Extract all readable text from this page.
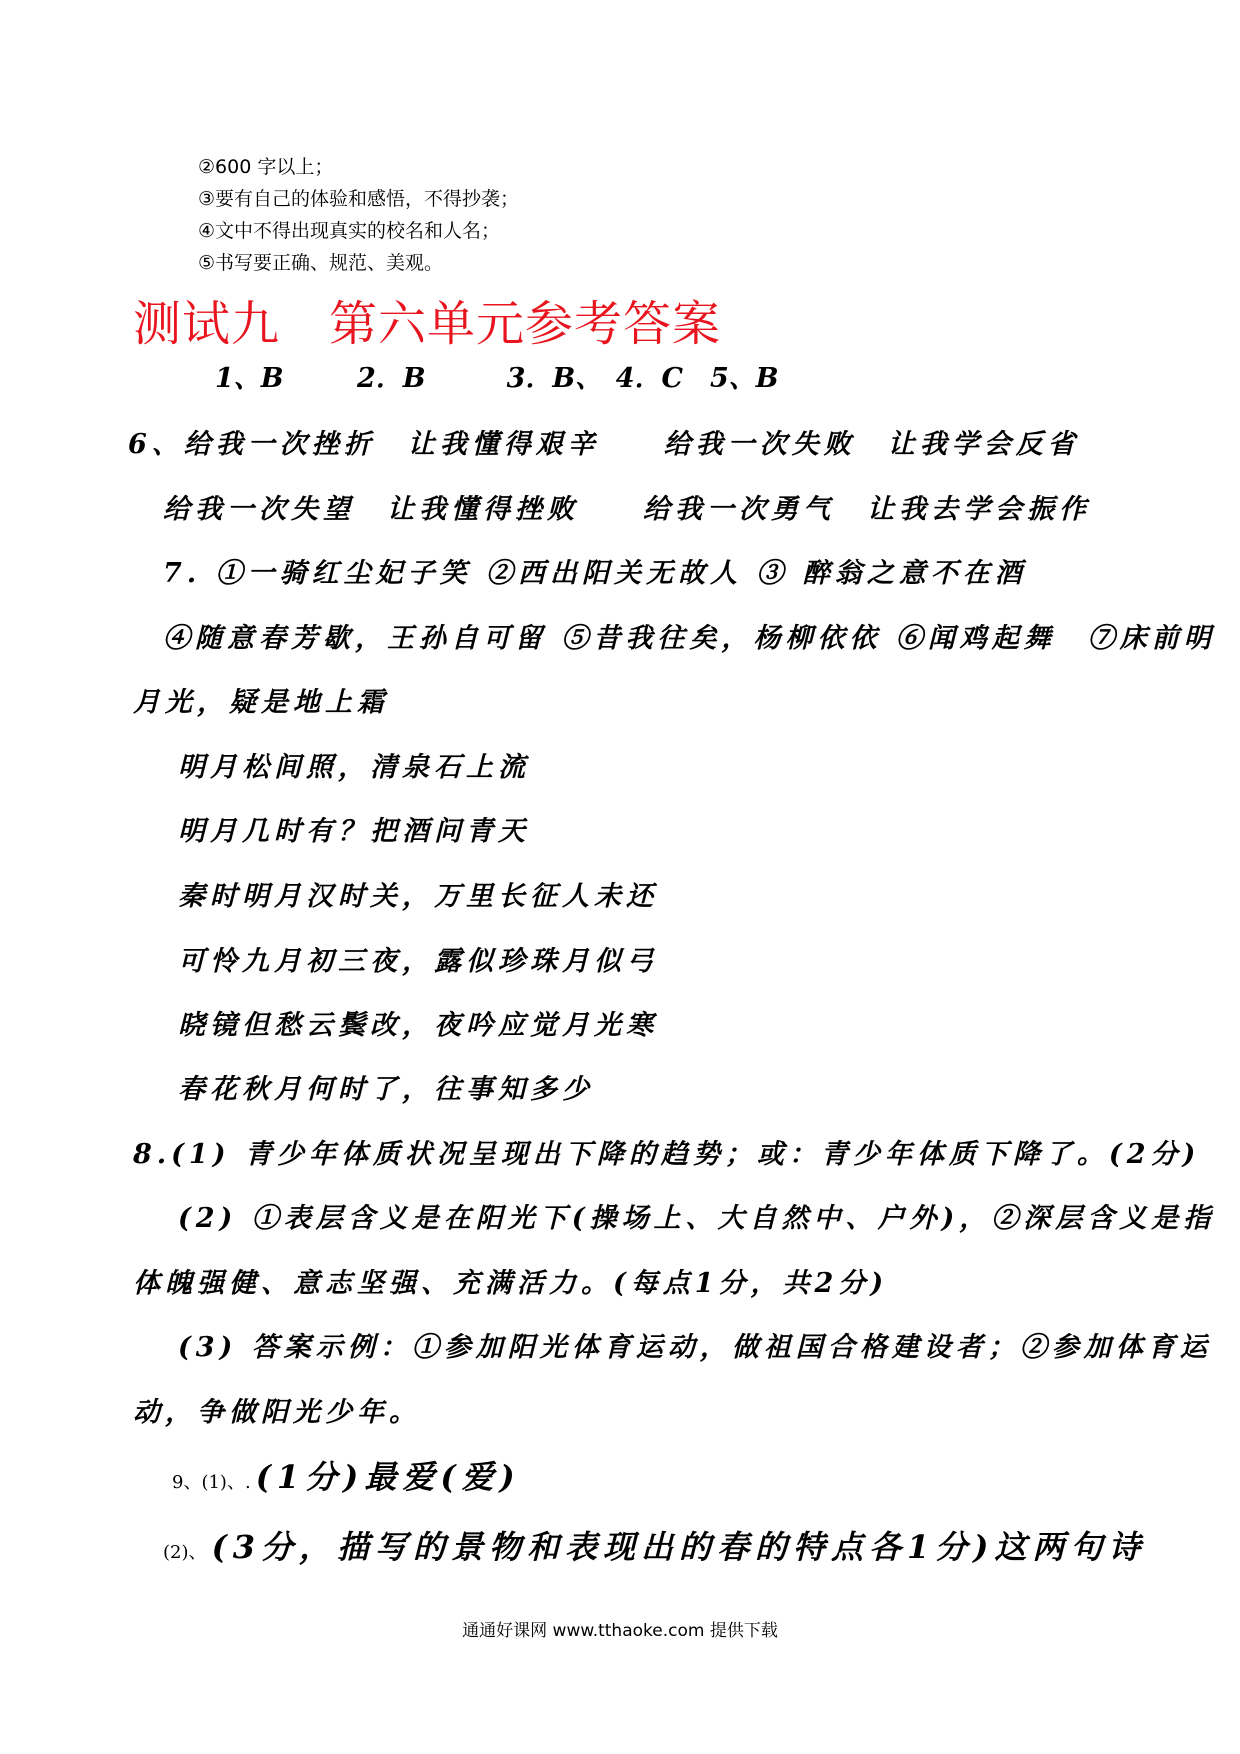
②600 字以上；
③要有自己的体验和感悟，不得抄袭；
④文中不得出现真实的校名和人名；
⑤书写要正确、规范、美观。
测试九　第六单元参考答案
1、B　　 2．B　　　3．B、　4．C　5、B
6、给我一次挫折　让我懂得艰辛　　给我一次失败　让我学会反省
给我一次失望　让我懂得挫败　　给我一次勇气　让我去学会振作
7. ①一骑红尘妃子笑 ②西出阳关无故人 ③ 醉翁之意不在酒
④随意春芳歇，王孙自可留 ⑤昔我往矣，杨柳依依 ⑥闻鸡起舞　⑦床前明
月光，疑是地上霜
明月松间照，清泉石上流
明月几时有？把酒问青天
秦时明月汉时关，万里长征人未还
可怜九月初三夜，露似珍珠月似弓
晓镜但愁云鬓改，夜吟应觉月光寒
春花秋月何时了，往事知多少
8.(1) 青少年体质状况呈现出下降的趋势；或：青少年体质下降了。(2分)
(2) ①表层含义是在阳光下(操场上、大自然中、户外)，②深层含义是指
体魄强健、意志坚强、充满活力。(每点1分，共2分)
(3) 答案示例：①参加阳光体育运动，做祖国合格建设者；②参加体育运
动，争做阳光少年。
9、(1)、. (1分)最爱(爱)
(2)、 (3分，描写的景物和表现出的春的特点各1分)这两句诗
通通好课网 www.tthaoke.com 提供下载
